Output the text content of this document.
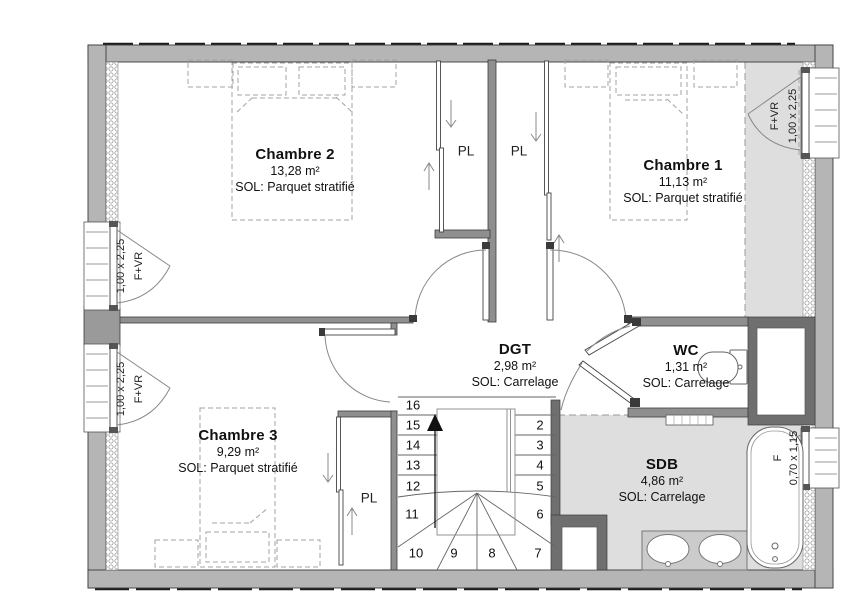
Chambre 2
13,28 m²
SOL: Parquet stratifié
Chambre 1
11,13 m²
SOL: Parquet stratifié
Chambre 3
9,29 m²
SOL: Parquet stratifié
DGT
2,98 m²
SOL: Carrelage
WC
1,31 m²
SOL: Carrelage
SDB
4,86 m²
SOL: Carrelage
PL	PL
PL
1,00 x 2,25 F+VR
1,00 x 2,25 F+VR
F+VR 1,00 x 2,25
F 0,70 x 1,15
16
15
14
13
12
11
10 9 8	7
6
5
4
3
2
